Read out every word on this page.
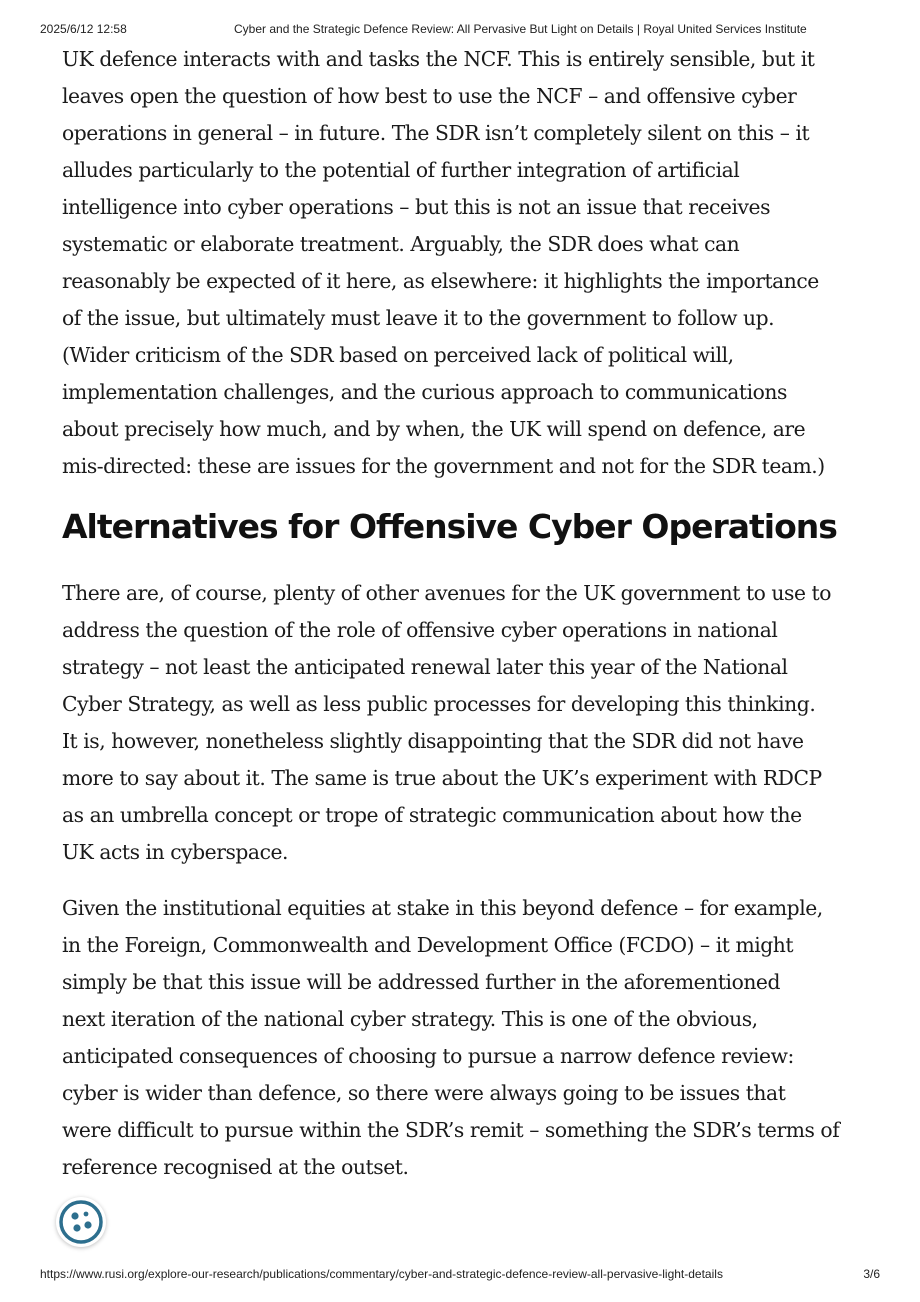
2025/6/12 12:58	Cyber and the Strategic Defence Review: All Pervasive But Light on Details | Royal United Services Institute

UK defence interacts with and tasks the NCF. This is entirely sensible, but it
leaves open the question of how best to use the NCF – and offensive cyber
operations in general – in future. The SDR isn’t completely silent on this – it
alludes particularly to the potential of further integration of artificial
intelligence into cyber operations – but this is not an issue that receives
systematic or elaborate treatment. Arguably, the SDR does what can
reasonably be expected of it here, as elsewhere: it highlights the importance
of the issue, but ultimately must leave it to the government to follow up.
(Wider criticism of the SDR based on perceived lack of political will,
implementation challenges, and the curious approach to communications
about precisely how much, and by when, the UK will spend on defence, are
mis-directed: these are issues for the government and not for the SDR team.)

Alternatives for Offensive Cyber Operations

There are, of course, plenty of other avenues for the UK government to use to
address the question of the role of offensive cyber operations in national
strategy – not least the anticipated renewal later this year of the National
Cyber Strategy, as well as less public processes for developing this thinking.
It is, however, nonetheless slightly disappointing that the SDR did not have
more to say about it. The same is true about the UK’s experiment with RDCP
as an umbrella concept or trope of strategic communication about how the
UK acts in cyberspace.

Given the institutional equities at stake in this beyond defence – for example,
in the Foreign, Commonwealth and Development Office (FCDO) – it might
simply be that this issue will be addressed further in the aforementioned
next iteration of the national cyber strategy. This is one of the obvious,
anticipated consequences of choosing to pursue a narrow defence review:
cyber is wider than defence, so there were always going to be issues that
were difficult to pursue within the SDR’s remit – something the SDR’s terms of
reference recognised at the outset.

https://www.rusi.org/explore-our-research/publications/commentary/cyber-and-strategic-defence-review-all-pervasive-light-details	3/6
